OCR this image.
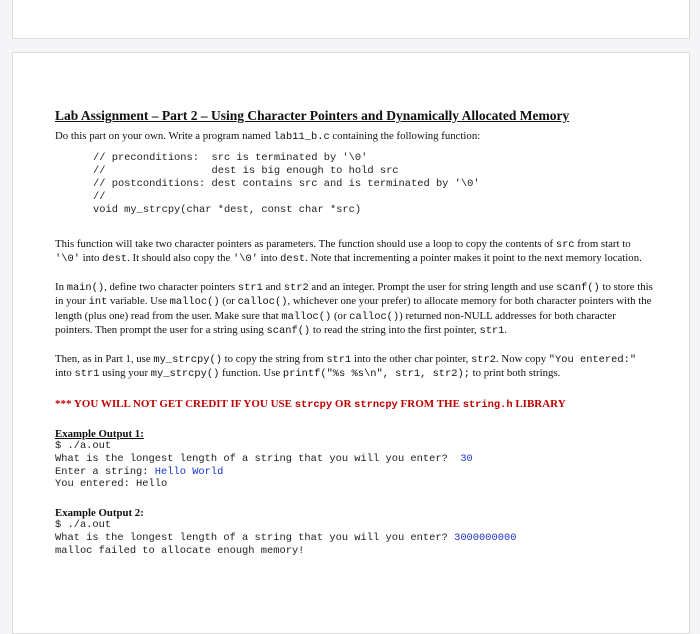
Lab Assignment – Part 2 – Using Character Pointers and Dynamically Allocated Memory

Do this part on your own. Write a program named lab11_b.c containing the following function:

// preconditions:  src is terminated by '\0'
//                 dest is big enough to hold src
// postconditions: dest contains src and is terminated by '\0'
//
void my_strcpy(char *dest, const char *src)

This function will take two character pointers as parameters. The function should use a loop to copy the contents of src from start to '\0' into dest. It should also copy the '\0' into dest. Note that incrementing a pointer makes it point to the next memory location.

In main(), define two character pointers str1 and str2 and an integer. Prompt the user for string length and use scanf() to store this in your int variable. Use malloc() (or calloc(), whichever one your prefer) to allocate memory for both character pointers with the length (plus one) read from the user. Make sure that malloc() (or calloc()) returned non-NULL addresses for both character pointers. Then prompt the user for a string using scanf() to read the string into the first pointer, str1.

Then, as in Part 1, use my_strcpy() to copy the string from str1 into the other char pointer, str2. Now copy "You entered:" into str1 using your my_strcpy() function. Use printf("%s %s\n", str1, str2); to print both strings.

*** YOU WILL NOT GET CREDIT IF YOU USE strcpy OR strncpy FROM THE string.h LIBRARY

Example Output 1:
$ ./a.out
What is the longest length of a string that you will you enter?  30
Enter a string: Hello World
You entered: Hello
Example Output 2:
$ ./a.out
What is the longest length of a string that you will you enter? 3000000000
malloc failed to allocate enough memory!
